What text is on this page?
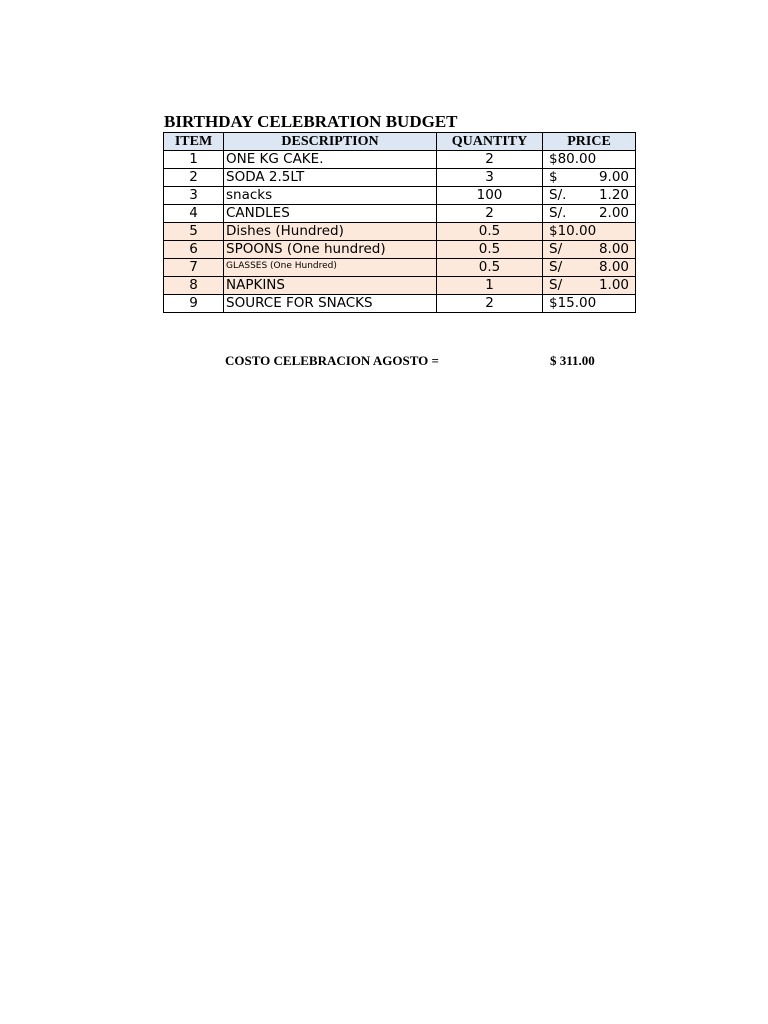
BIRTHDAY CELEBRATION BUDGET
ITEM	DESCRIPTION	QUANTITY	PRICE
1	ONE KG CAKE.	2	$80.00

2	SODA 2.5LT	3	$ 9.00

3	snacks	100	S/. 1.20

4	CANDLES	2	S/. 2.00

5	Dishes (Hundred)	0.5	$10.00

6	SPOONS (One hundred)	0.5	S/ 8.00

7	GLASSES (One Hundred)	0.5	S/ 8.00

8	NAPKINS	1	S/ 1.00

9	SOURCE FOR SNACKS	2	$15.00
COSTO CELEBRACION AGOSTO =	$ 311.00
